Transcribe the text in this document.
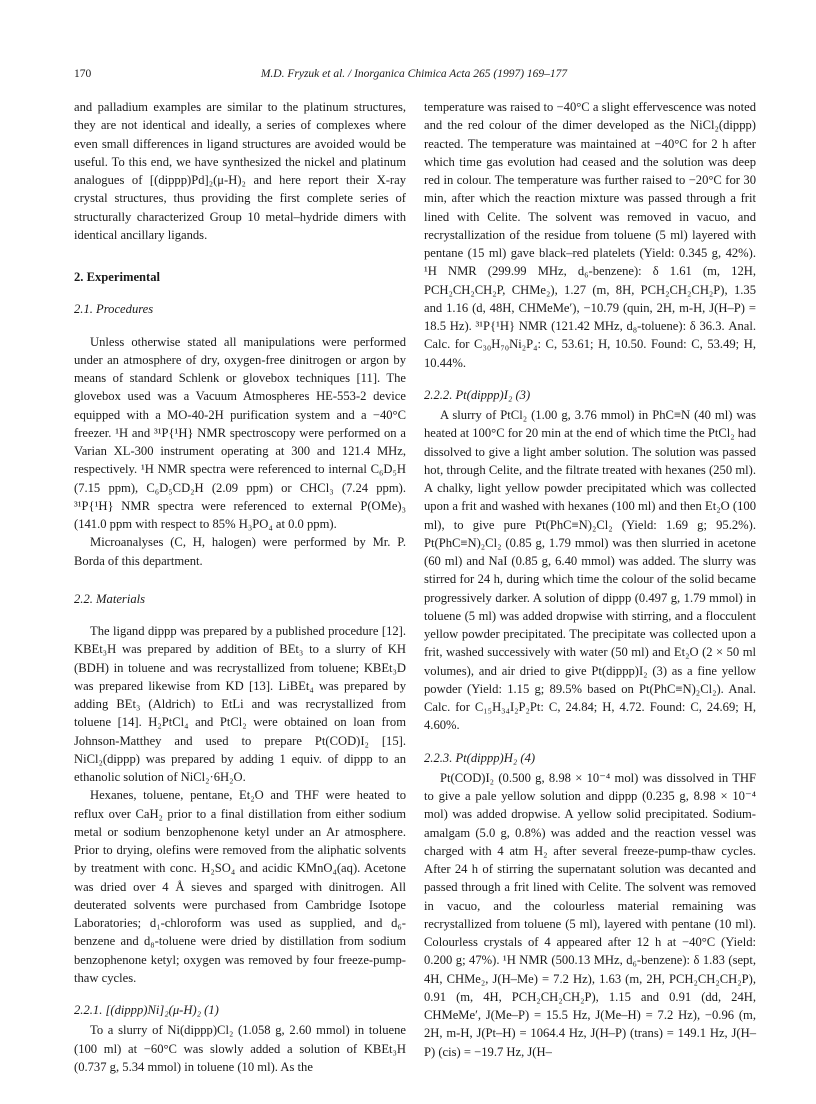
170	M.D. Fryzuk et al. / Inorganica Chimica Acta 265 (1997) 169–177

and palladium examples are similar to the platinum structures, they are not identical and ideally, a series of complexes where even small differences in ligand structures are avoided would be useful. To this end, we have synthesized the nickel and platinum analogues of [(dippp)Pd]₂(μ-H)₂ and here report their X-ray crystal structures, thus providing the first complete series of structurally characterized Group 10 metal–hydride dimers with identical ancillary ligands.

2. Experimental
2.1. Procedures

Unless otherwise stated all manipulations were performed under an atmosphere of dry, oxygen-free dinitrogen or argon by means of standard Schlenk or glovebox techniques [11]. The glovebox used was a Vacuum Atmospheres HE-553-2 device equipped with a MO-40-2H purification system and a −40°C freezer. ¹H and ³¹P{¹H} NMR spectroscopy were performed on a Varian XL-300 instrument operating at 300 and 121.4 MHz, respectively. ¹H NMR spectra were referenced to internal C₆D₅H (7.15 ppm), C₆D₅CD₂H (2.09 ppm) or CHCl₃ (7.24 ppm). ³¹P{¹H} NMR spectra were referenced to external P(OMe)₃ (141.0 ppm with respect to 85% H₃PO₄ at 0.0 ppm).

Microanalyses (C, H, halogen) were performed by Mr. P. Borda of this department.

2.2. Materials

The ligand dippp was prepared by a published procedure [12]. KBEt₃H was prepared by addition of BEt₃ to a slurry of KH (BDH) in toluene and was recrystallized from toluene; KBEt₃D was prepared likewise from KD [13]. LiBEt₄ was prepared by adding BEt₃ (Aldrich) to EtLi and was recrystallized from toluene [14]. H₂PtCl₄ and PtCl₂ were obtained on loan from Johnson-Matthey and used to prepare Pt(COD)I₂ [15]. NiCl₂(dippp) was prepared by adding 1 equiv. of dippp to an ethanolic solution of NiCl₂·6H₂O.

Hexanes, toluene, pentane, Et₂O and THF were heated to reflux over CaH₂ prior to a final distillation from either sodium metal or sodium benzophenone ketyl under an Ar atmosphere. Prior to drying, olefins were removed from the aliphatic solvents by treatment with conc. H₂SO₄ and acidic KMnO₄(aq). Acetone was dried over 4 Å sieves and sparged with dinitrogen. All deuterated solvents were purchased from Cambridge Isotope Laboratories; d₁-chloroform was used as supplied, and d₆-benzene and d₈-toluene were dried by distillation from sodium benzophenone ketyl; oxygen was removed by four freeze-pump-thaw cycles.

2.2.1. [(dippp)Ni]₂(μ-H)₂ (1)

To a slurry of Ni(dippp)Cl₂ (1.058 g, 2.60 mmol) in toluene (100 ml) at −60°C was slowly added a solution of KBEt₃H (0.737 g, 5.34 mmol) in toluene (10 ml). As the

temperature was raised to −40°C a slight effervescence was noted and the red colour of the dimer developed as the NiCl₂(dippp) reacted. The temperature was maintained at −40°C for 2 h after which time gas evolution had ceased and the solution was deep red in colour. The temperature was further raised to −20°C for 30 min, after which the reaction mixture was passed through a frit lined with Celite. The solvent was removed in vacuo, and recrystallization of the residue from toluene (5 ml) layered with pentane (15 ml) gave black–red platelets (Yield: 0.345 g, 42%). ¹H NMR (299.99 MHz, d₆-benzene): δ 1.61 (m, 12H, PCH₂CH₂CH₂P, CHMe₂), 1.27 (m, 8H, PCH₂CH₂CH₂P), 1.35 and 1.16 (d, 48H, CHMeMe′), −10.79 (quin, 2H, m-H, J(H–P) = 18.5 Hz). ³¹P{¹H} NMR (121.42 MHz, d₈-toluene): δ 36.3. Anal. Calc. for C₃₀H₇₀Ni₂P₄: C, 53.61; H, 10.50. Found: C, 53.49; H, 10.44%.

2.2.2. Pt(dippp)I₂ (3)

A slurry of PtCl₂ (1.00 g, 3.76 mmol) in PhC≡N (40 ml) was heated at 100°C for 20 min at the end of which time the PtCl₂ had dissolved to give a light amber solution. The solution was passed hot, through Celite, and the filtrate treated with hexanes (250 ml). A chalky, light yellow powder precipitated which was collected upon a frit and washed with hexanes (100 ml) and then Et₂O (100 ml), to give pure Pt(PhC≡N)₂Cl₂ (Yield: 1.69 g; 95.2%). Pt(PhC≡N)₂Cl₂ (0.85 g, 1.79 mmol) was then slurried in acetone (60 ml) and NaI (0.85 g, 6.40 mmol) was added. The slurry was stirred for 24 h, during which time the colour of the solid became progressively darker. A solution of dippp (0.497 g, 1.79 mmol) in toluene (5 ml) was added dropwise with stirring, and a flocculent yellow powder precipitated. The precipitate was collected upon a frit, washed successively with water (50 ml) and Et₂O (2 × 50 ml volumes), and air dried to give Pt(dippp)I₂ (3) as a fine yellow powder (Yield: 1.15 g; 89.5% based on Pt(PhC≡N)₂Cl₂). Anal. Calc. for C₁₅H₃₄I₂P₂Pt: C, 24.84; H, 4.72. Found: C, 24.69; H, 4.60%.

2.2.3. Pt(dippp)H₂ (4)

Pt(COD)I₂ (0.500 g, 8.98 × 10⁻⁴ mol) was dissolved in THF to give a pale yellow solution and dippp (0.235 g, 8.98 × 10⁻⁴ mol) was added dropwise. A yellow solid precipitated. Sodium-amalgam (5.0 g, 0.8%) was added and the reaction vessel was charged with 4 atm H₂ after several freeze-pump-thaw cycles. After 24 h of stirring the supernatant solution was decanted and passed through a frit lined with Celite. The solvent was removed in vacuo, and the colourless material remaining was recrystallized from toluene (5 ml), layered with pentane (10 ml). Colourless crystals of 4 appeared after 12 h at −40°C (Yield: 0.200 g; 47%). ¹H NMR (500.13 MHz, d₆-benzene): δ 1.83 (sept, 4H, CHMe₂, J(H–Me) = 7.2 Hz), 1.63 (m, 2H, PCH₂CH₂CH₂P), 0.91 (m, 4H, PCH₂CH₂CH₂P), 1.15 and 0.91 (dd, 24H, CHMeMe′, J(Me–P) = 15.5 Hz, J(Me–H) = 7.2 Hz), −0.96 (m, 2H, m-H, J(Pt–H) = 1064.4 Hz, J(H–P) (trans) = 149.1 Hz, J(H–P) (cis) = −19.7 Hz, J(H–
